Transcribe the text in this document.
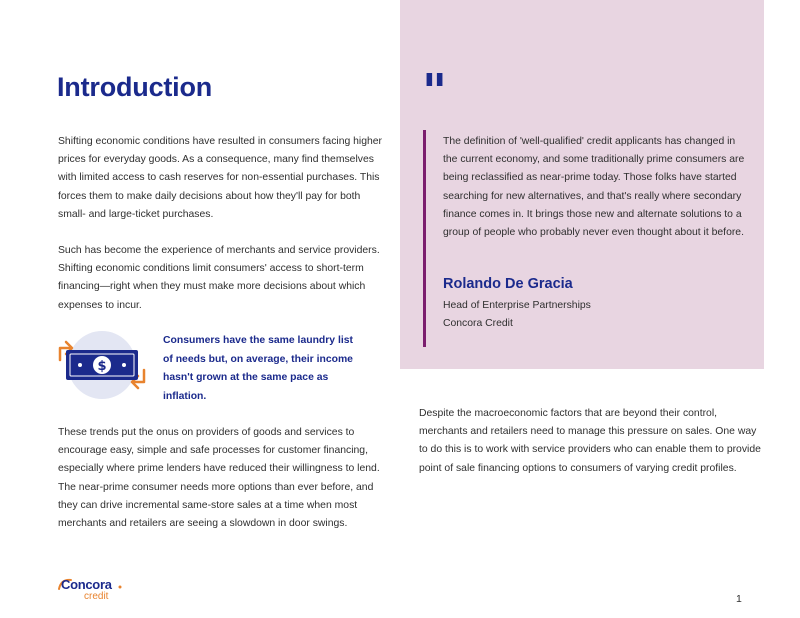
Introduction

Shifting economic conditions have resulted in consumers facing higher prices for everyday goods. As a consequence, many find themselves with limited access to cash reserves for non-essential purchases. This forces them to make daily decisions about how they'll pay for both small- and large-ticket purchases.

Such has become the experience of merchants and service providers. Shifting economic conditions limit consumers' access to short-term financing—right when they must make more decisions about which expenses to incur.

$

Consumers have the same laundry list of needs but, on average, their income hasn't grown at the same pace as inflation.

These trends put the onus on providers of goods and services to encourage easy, simple and safe processes for customer financing, especially where prime lenders have reduced their willingness to lend. The near-prime consumer needs more options than ever before, and they can drive incremental same-store sales at a time when most merchants and retailers are seeing a slowdown in door swings.

"

The definition of 'well-qualified' credit applicants has changed in the current economy, and some traditionally prime consumers are being reclassified as near-prime today. Those folks have started searching for new alternatives, and that's really where secondary finance comes in. It brings those new and alternate solutions to a group of people who probably never even thought about it before.

Rolando De Gracia
Head of Enterprise Partnerships
Concora Credit

Despite the macroeconomic factors that are beyond their control, merchants and retailers need to manage this pressure on sales. One way to do this is to work with service providers who can enable them to provide point of sale financing options to consumers of varying credit profiles.

Concora
credit	1
